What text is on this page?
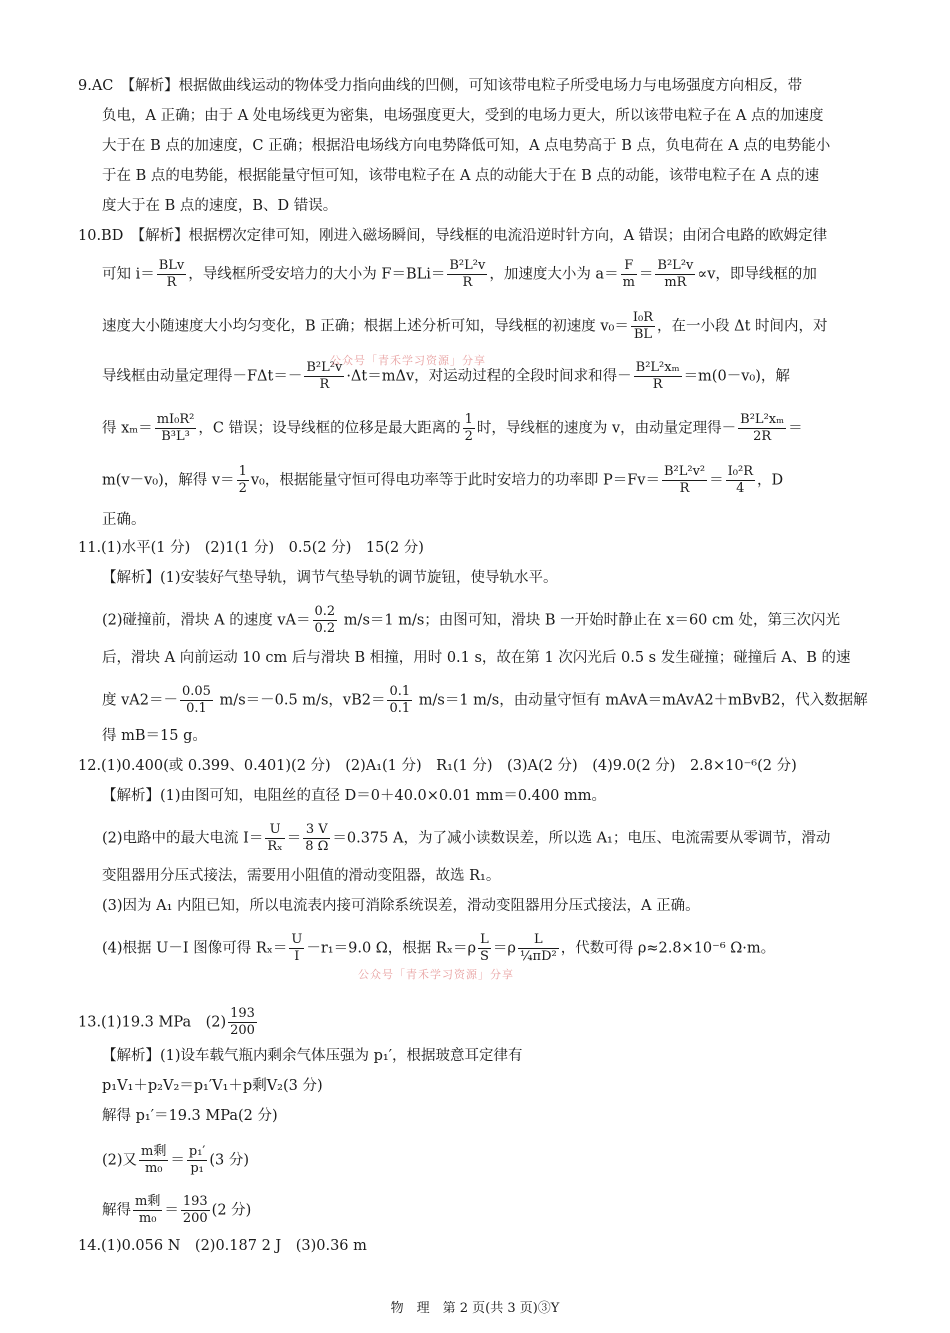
9.AC　【解析】根据做曲线运动的物体受力指向曲线的凹侧，可知该带电粒子所受电场力与电场强度方向相反，带
负电，A 正确；由于 A 处电场线更为密集，电场强度更大，受到的电场力更大，所以该带电粒子在 A 点的加速度
大于在 B 点的加速度，C 正确；根据沿电场线方向电势降低可知，A 点电势高于 B 点，负电荷在 A 点的电势能小
于在 B 点的电势能，根据能量守恒可知，该带电粒子在 A 点的动能大于在 B 点的动能，该带电粒子在 A 点的速
度大于在 B 点的速度，B、D 错误。
10.BD　【解析】根据楞次定律可知，刚进入磁场瞬间，导线框的电流沿逆时针方向，A 错误；由闭合电路的欧姆定律
可知 $i= \frac{\text{BLv}}{R}$ ，导线框所受安培力的大小为 $F=BLi= \frac{\text{B²L²v}}{R}$ ，加速度大小为 $a= \frac{F}{m} = \frac{\text{B²L²v}}{mR} \propto v$，即导线框的加
速度大小随速度大小均匀变化，B 正确；根据上述分析可知，导线框的初速度 $v_0= \frac{\text{I₀R}}{BL}$ ，在一小段 Δt 时间内，对
导线框由动量定理得$-F\Delta t=- \frac{\text{B²L²v}}{R} \cdot\Delta t=m\Delta v$，对运动过程的全段时间求和得－ $\frac{\text{B²L²xₘ}}{R} =m(0-v_0)$，解
得 $x_m= \frac{\text{mI₀R²}}{\text{B³L³}}$ ，C 错误；设导线框的位移是最大距离的 $\frac{1}{2}$ 时，导线框的速度为 v，由动量定理得－ $\frac{\text{B²L²xₘ}}{2R}$ ＝
m(v－v₀)，解得 $v= \frac{1}{2} v_0$，根据能量守恒可得电功率等于此时安培力的功率即 $P=Fv= \frac{\text{B²L²v²}}{R} = \frac{\text{I₀²R}}{4}$ ，D
正确。
11.(1)水平(1 分)　(2)1(1 分)　0.5(2 分)　15(2 分)
【解析】(1)安装好气垫导轨，调节气垫导轨的调节旋钮，使导轨水平。
(2)碰撞前，滑块 A 的速度 $vA= \frac{0.2}{0.2} m/s=1$ m/s；由图可知，滑块 B 一开始时静止在 x＝60 cm 处，第三次闪光
后，滑块 A 向前运动 10 cm 后与滑块 B 相撞，用时 0.1 s，故在第 1 次闪光后 0.5 s 发生碰撞；碰撞后 A、B 的速
度 $vA2=- \frac{0.05}{0.1} m/s=-0.5$ m/s，$vB2= \frac{0.1}{0.1} m/s=1$ m/s，由动量守恒有 mAvA＝mAvA2＋mBvB2，代入数据解
得 mB＝15 g。
12.(1)0.400(或 0.399、0.401)(2 分)　(2)A₁(1 分)　R₁(1 分)　(3)A(2 分)　(4)9.0(2 分)　2.8×10⁻⁶(2 分)
【解析】(1)由图可知，电阻丝的直径 D＝0＋40.0×0.01 mm＝0.400 mm。
(2)电路中的最大电流 $I= \frac{U}{\text{Rₓ}} = \frac{3 V}{8 \Omega} =0.375$ A，为了减小读数误差，所以选 A₁；电压、电流需要从零调节，滑动
变阻器用分压式接法，需要用小阻值的滑动变阻器，故选 R₁。
(3)因为 A₁ 内阻已知，所以电流表内接可消除系统误差，滑动变阻器用分压式接法，A 正确。
(4)根据 U－I 图像可得 $R_x= \frac{U}{I} -r_1=9.0$ Ω，根据 $R_x=\rho \frac{L}{S} =\rho \frac{L}{\text{¼πD²}}$ ，代数可得 ρ≈2.8×10⁻⁶ Ω·m。
13.(1)19.3 MPa　$(2) \frac{193}{200}$
【解析】(1)设车载气瓶内剩余气体压强为 p₁′，根据玻意耳定律有
p₁V₁＋p₂V₂＝p₁′V₁＋p剩V₂(3 分)
解得 p₁′＝19.3 MPa(2 分)
(2)又 $\frac{\text{m剩}}{\text{m₀}} = \frac{\text{p₁′}}{\text{p₁}} (3$ 分)
解得 $\frac{\text{m剩}}{\text{m₀}} = \frac{193}{200} (2$ 分)
14.(1)0.056 N　(2)0.187 2 J　(3)0.36 m
公众号「青禾学习资源」分享
公众号「青禾学习资源」分享
物　理　第 2 页(共 3 页)③Y
